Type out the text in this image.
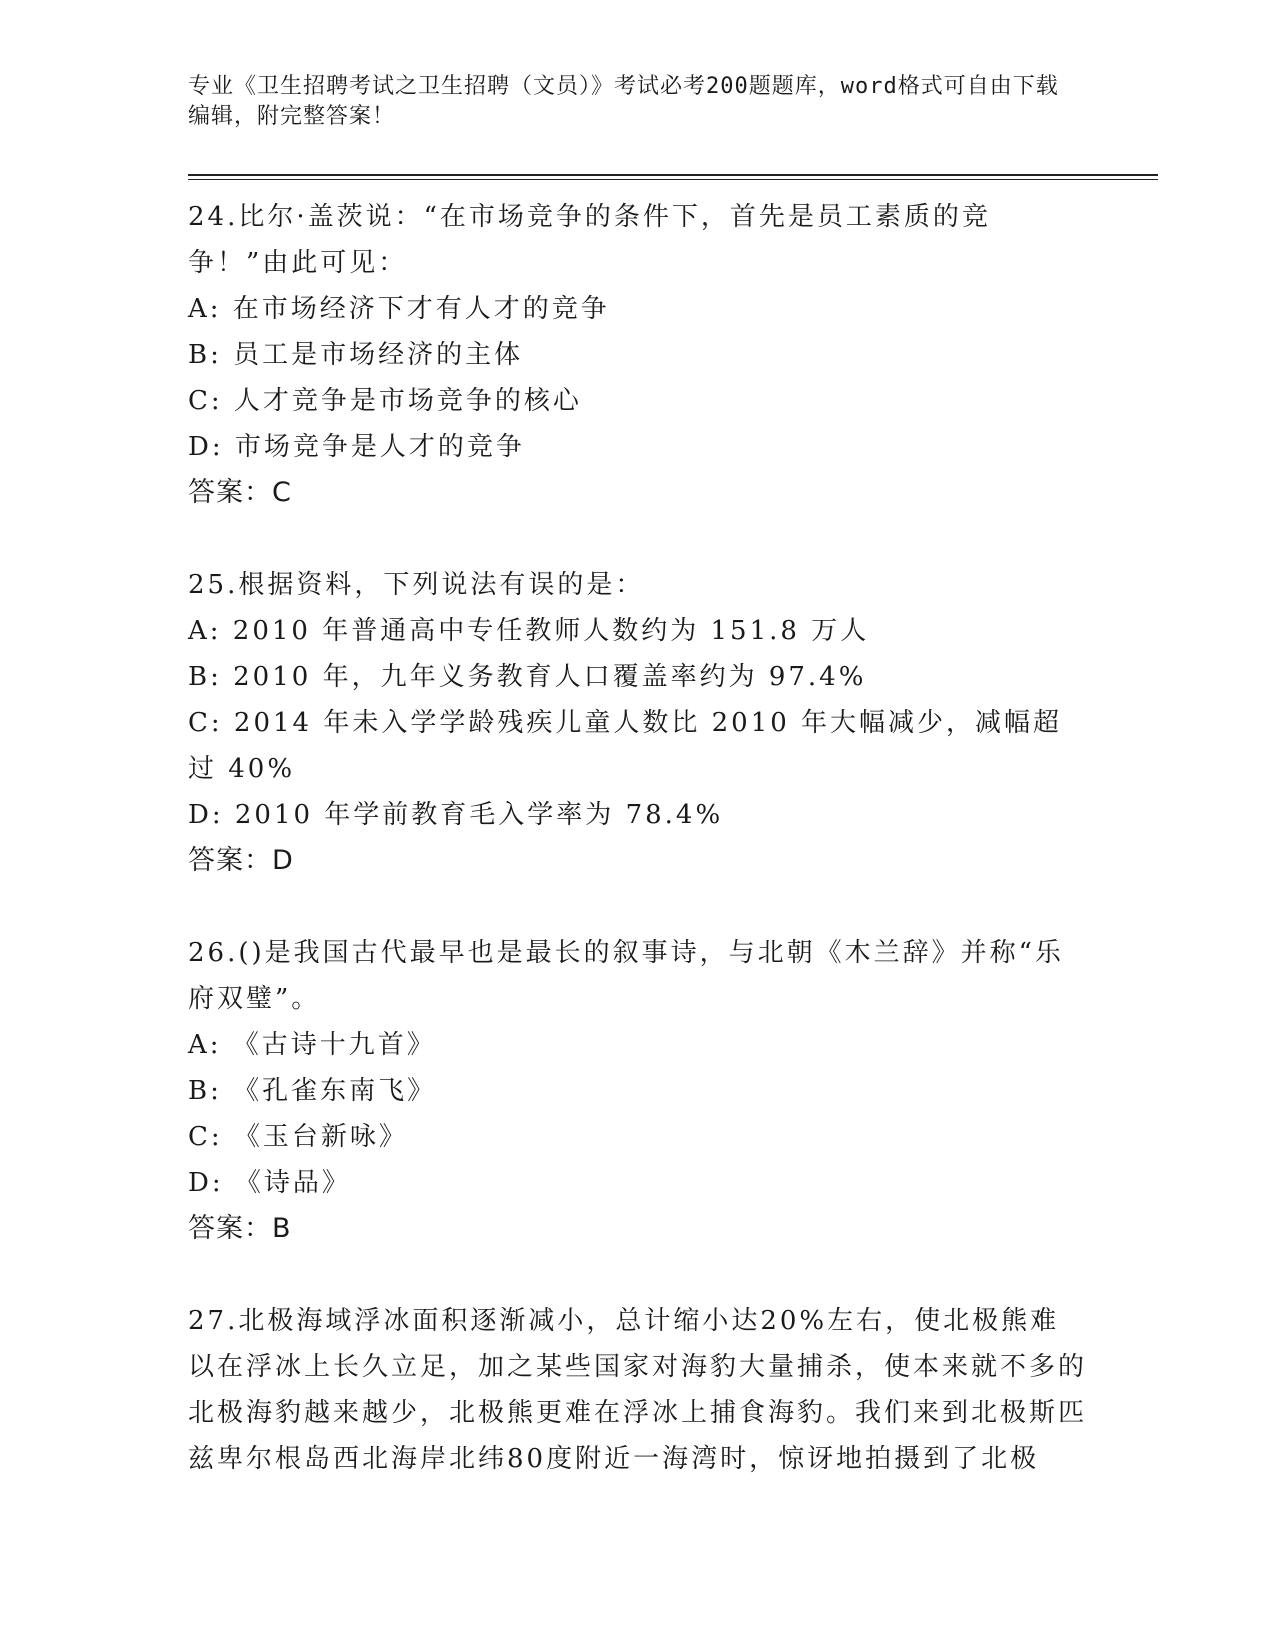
专业《卫生招聘考试之卫生招聘（文员）》考试必考200题题库，word格式可自由下载编辑，附完整答案！

24.比尔·盖茨说：“在市场竞争的条件下，首先是员工素质的竞争！”由此可见：

A: 在市场经济下才有人才的竞争

B: 员工是市场经济的主体

C: 人才竞争是市场竞争的核心

D: 市场竞争是人才的竞争

答案：C

25.根据资料，下列说法有误的是：

A: 2010 年普通高中专任教师人数约为 151.8 万人

B: 2010 年，九年义务教育人口覆盖率约为 97.4%

C: 2014 年未入学学龄残疾儿童人数比 2010 年大幅减少，减幅超过 40%

D: 2010 年学前教育毛入学率为 78.4%

答案：D

26.()是我国古代最早也是最长的叙事诗，与北朝《木兰辞》并称“乐府双璧”。

A: 《古诗十九首》

B: 《孔雀东南飞》

C: 《玉台新咏》

D: 《诗品》

答案：B

27.北极海域浮冰面积逐渐减小，总计缩小达20%左右，使北极熊难以在浮冰上长久立足，加之某些国家对海豹大量捕杀，使本来就不多的北极海豹越来越少，北极熊更难在浮冰上捕食海豹。我们来到北极斯匹兹卑尔根岛西北海岸北纬80度附近一海湾时，惊讶地拍摄到了北极
